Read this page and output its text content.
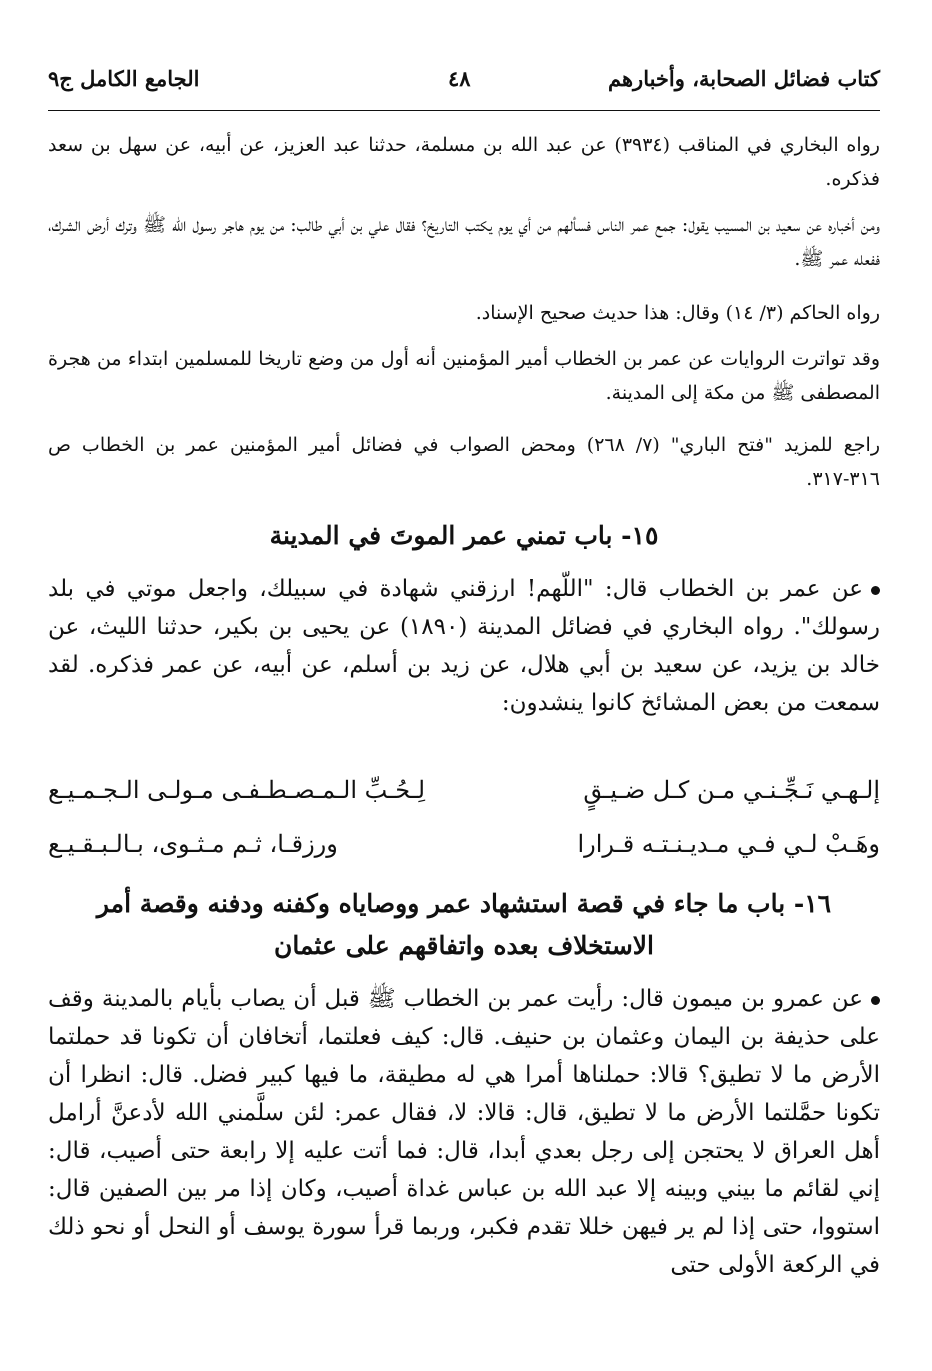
كتاب فضائل الصحابة، وأخبارهم
٤٨
الجامع الكامل ج٩

رواه البخاري في المناقب (٣٩٣٤) عن عبد الله بن مسلمة، حدثنا عبد العزيز، عن أبيه، عن سهل بن سعد فذكره.

ومن أخباره عن سعيد بن المسيب يقول: جمع عمر الناس فسألهم من أي يوم يكتب التاريخ؟ فقال علي بن أبي طالب: من يوم هاجر رسول الله ﷺ وترك أرض الشرك، ففعله عمر ﷺ.

رواه الحاكم (٣/ ١٤) وقال: هذا حديث صحيح الإسناد.

وقد تواترت الروايات عن عمر بن الخطاب أمير المؤمنين أنه أول من وضع تاريخا للمسلمين ابتداء من هجرة المصطفى ﷺ من مكة إلى المدينة.

راجع للمزيد "فتح الباري" (٧/ ٢٦٨) ومحض الصواب في فضائل أمير المؤمنين عمر بن الخطاب ص ٣١٦-٣١٧.

١٥- باب تمني عمر الموتَ في المدينة

عن عمر بن الخطاب قال: "اللّهم! ارزقني شهادة في سبيلك، واجعل موتي في بلد رسولك". رواه البخاري في فضائل المدينة (١٨٩٠) عن يحيى بن بكير، حدثنا الليث، عن خالد بن يزيد، عن سعيد بن أبي هلال، عن زيد بن أسلم، عن أبيه، عن عمر فذكره. لقد سمعت من بعض المشائخ كانوا ينشدون:

إلـهـي نَـجِّـنـي مـن كـل ضـيـقٍ
لِـحُـبِّ الـمـصـطـفـى مـولـى الـجـمـيـع
وهَـبْ لـي فـي مـديـنـتـه قـرارا
ورزقـا، ثـم مـثـوى، بـالـبـقـيـع
١٦- باب ما جاء في قصة استشهاد عمر ووصاياه وكفنه ودفنه وقصة أمر
الاستخلاف بعده واتفاقهم على عثمان

عن عمرو بن ميمون قال: رأيت عمر بن الخطاب ﷺ قبل أن يصاب بأيام بالمدينة وقف على حذيفة بن اليمان وعثمان بن حنيف. قال: كيف فعلتما، أتخافان أن تكونا قد حملتما الأرض ما لا تطيق؟ قالا: حملناها أمرا هي له مطيقة، ما فيها كبير فضل. قال: انظرا أن تكونا حمَّلتما الأرض ما لا تطيق، قال: قالا: لا، فقال عمر: لئن سلَّمني الله لأدعنَّ أرامل أهل العراق لا يحتجن إلى رجل بعدي أبدا، قال: فما أتت عليه إلا رابعة حتى أصيب، قال: إني لقائم ما بيني وبينه إلا عبد الله بن عباس غداة أصيب، وكان إذا مر بين الصفين قال: استووا، حتى إذا لم ير فيهن خللا تقدم فكبر، وربما قرأ سورة يوسف أو النحل أو نحو ذلك في الركعة الأولى حتى
